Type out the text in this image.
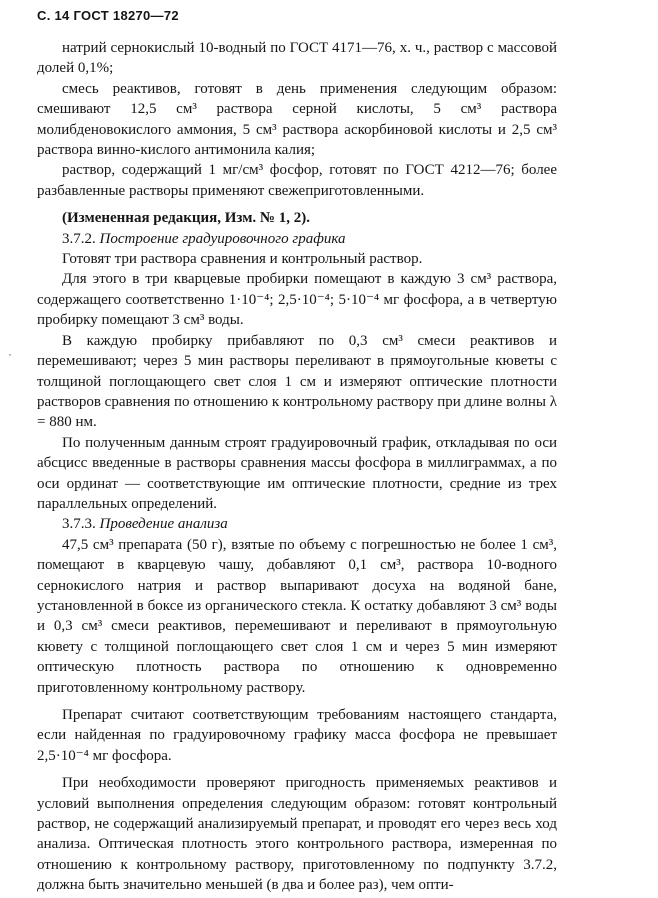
С. 14 ГОСТ 18270—72

натрий сернокислый 10-водный по ГОСТ 4171—76, х. ч., раствор с массовой долей 0,1%;

смесь реактивов, готовят в день применения следующим образом: смешивают 12,5 см³ раствора серной кислоты, 5 см³ раствора молибденовокислого аммония, 5 см³ раствора аскорбиновой кислоты и 2,5 см³ раствора винно-кислого антимонила калия;

раствор, содержащий 1 мг/см³ фосфор, готовят по ГОСТ 4212—76; более разбавленные растворы применяют свежеприготовленными.

(Измененная редакция, Изм. № 1, 2).

3.7.2. Построение градуировочного графика

Готовят три раствора сравнения и контрольный раствор.

Для этого в три кварцевые пробирки помещают в каждую 3 см³ раствора, содержащего соответственно 1·10⁻⁴; 2,5·10⁻⁴; 5·10⁻⁴ мг фосфора, а в четвертую пробирку помещают 3 см³ воды.

В каждую пробирку прибавляют по 0,3 см³ смеси реактивов и перемешивают; через 5 мин растворы переливают в прямоугольные кюветы с толщиной поглощающего свет слоя 1 см и измеряют оптические плотности растворов сравнения по отношению к контрольному раствору при длине волны λ = 880 нм.

По полученным данным строят градуировочный график, откладывая по оси абсцисс введенные в растворы сравнения массы фосфора в миллиграммах, а по оси ординат — соответствующие им оптические плотности, средние из трех параллельных определений.

3.7.3. Проведение анализа

47,5 см³ препарата (50 г), взятые по объему с погрешностью не более 1 см³, помещают в кварцевую чашу, добавляют 0,1 см³, раствора 10-водного сернокислого натрия и раствор выпаривают досуха на водяной бане, установленной в боксе из органического стекла. К остатку добавляют 3 см³ воды и 0,3 см³ смеси реактивов, перемешивают и переливают в прямоугольную кювету с толщиной поглощающего свет слоя 1 см и через 5 мин измеряют оптическую плотность раствора по отношению к одновременно приготовленному контрольному раствору.

Препарат считают соответствующим требованиям настоящего стандарта, если найденная по градуировочному графику масса фосфора не превышает 2,5·10⁻⁴ мг фосфора.

При необходимости проверяют пригодность применяемых реактивов и условий выполнения определения следующим образом: готовят контрольный раствор, не содержащий анализируемый препарат, и проводят его через весь ход анализа. Оптическая плотность этого контрольного раствора, измеренная по отношению к контрольному раствору, приготовленному по подпункту 3.7.2, должна быть значительно меньшей (в два и более раз), чем опти-

·
